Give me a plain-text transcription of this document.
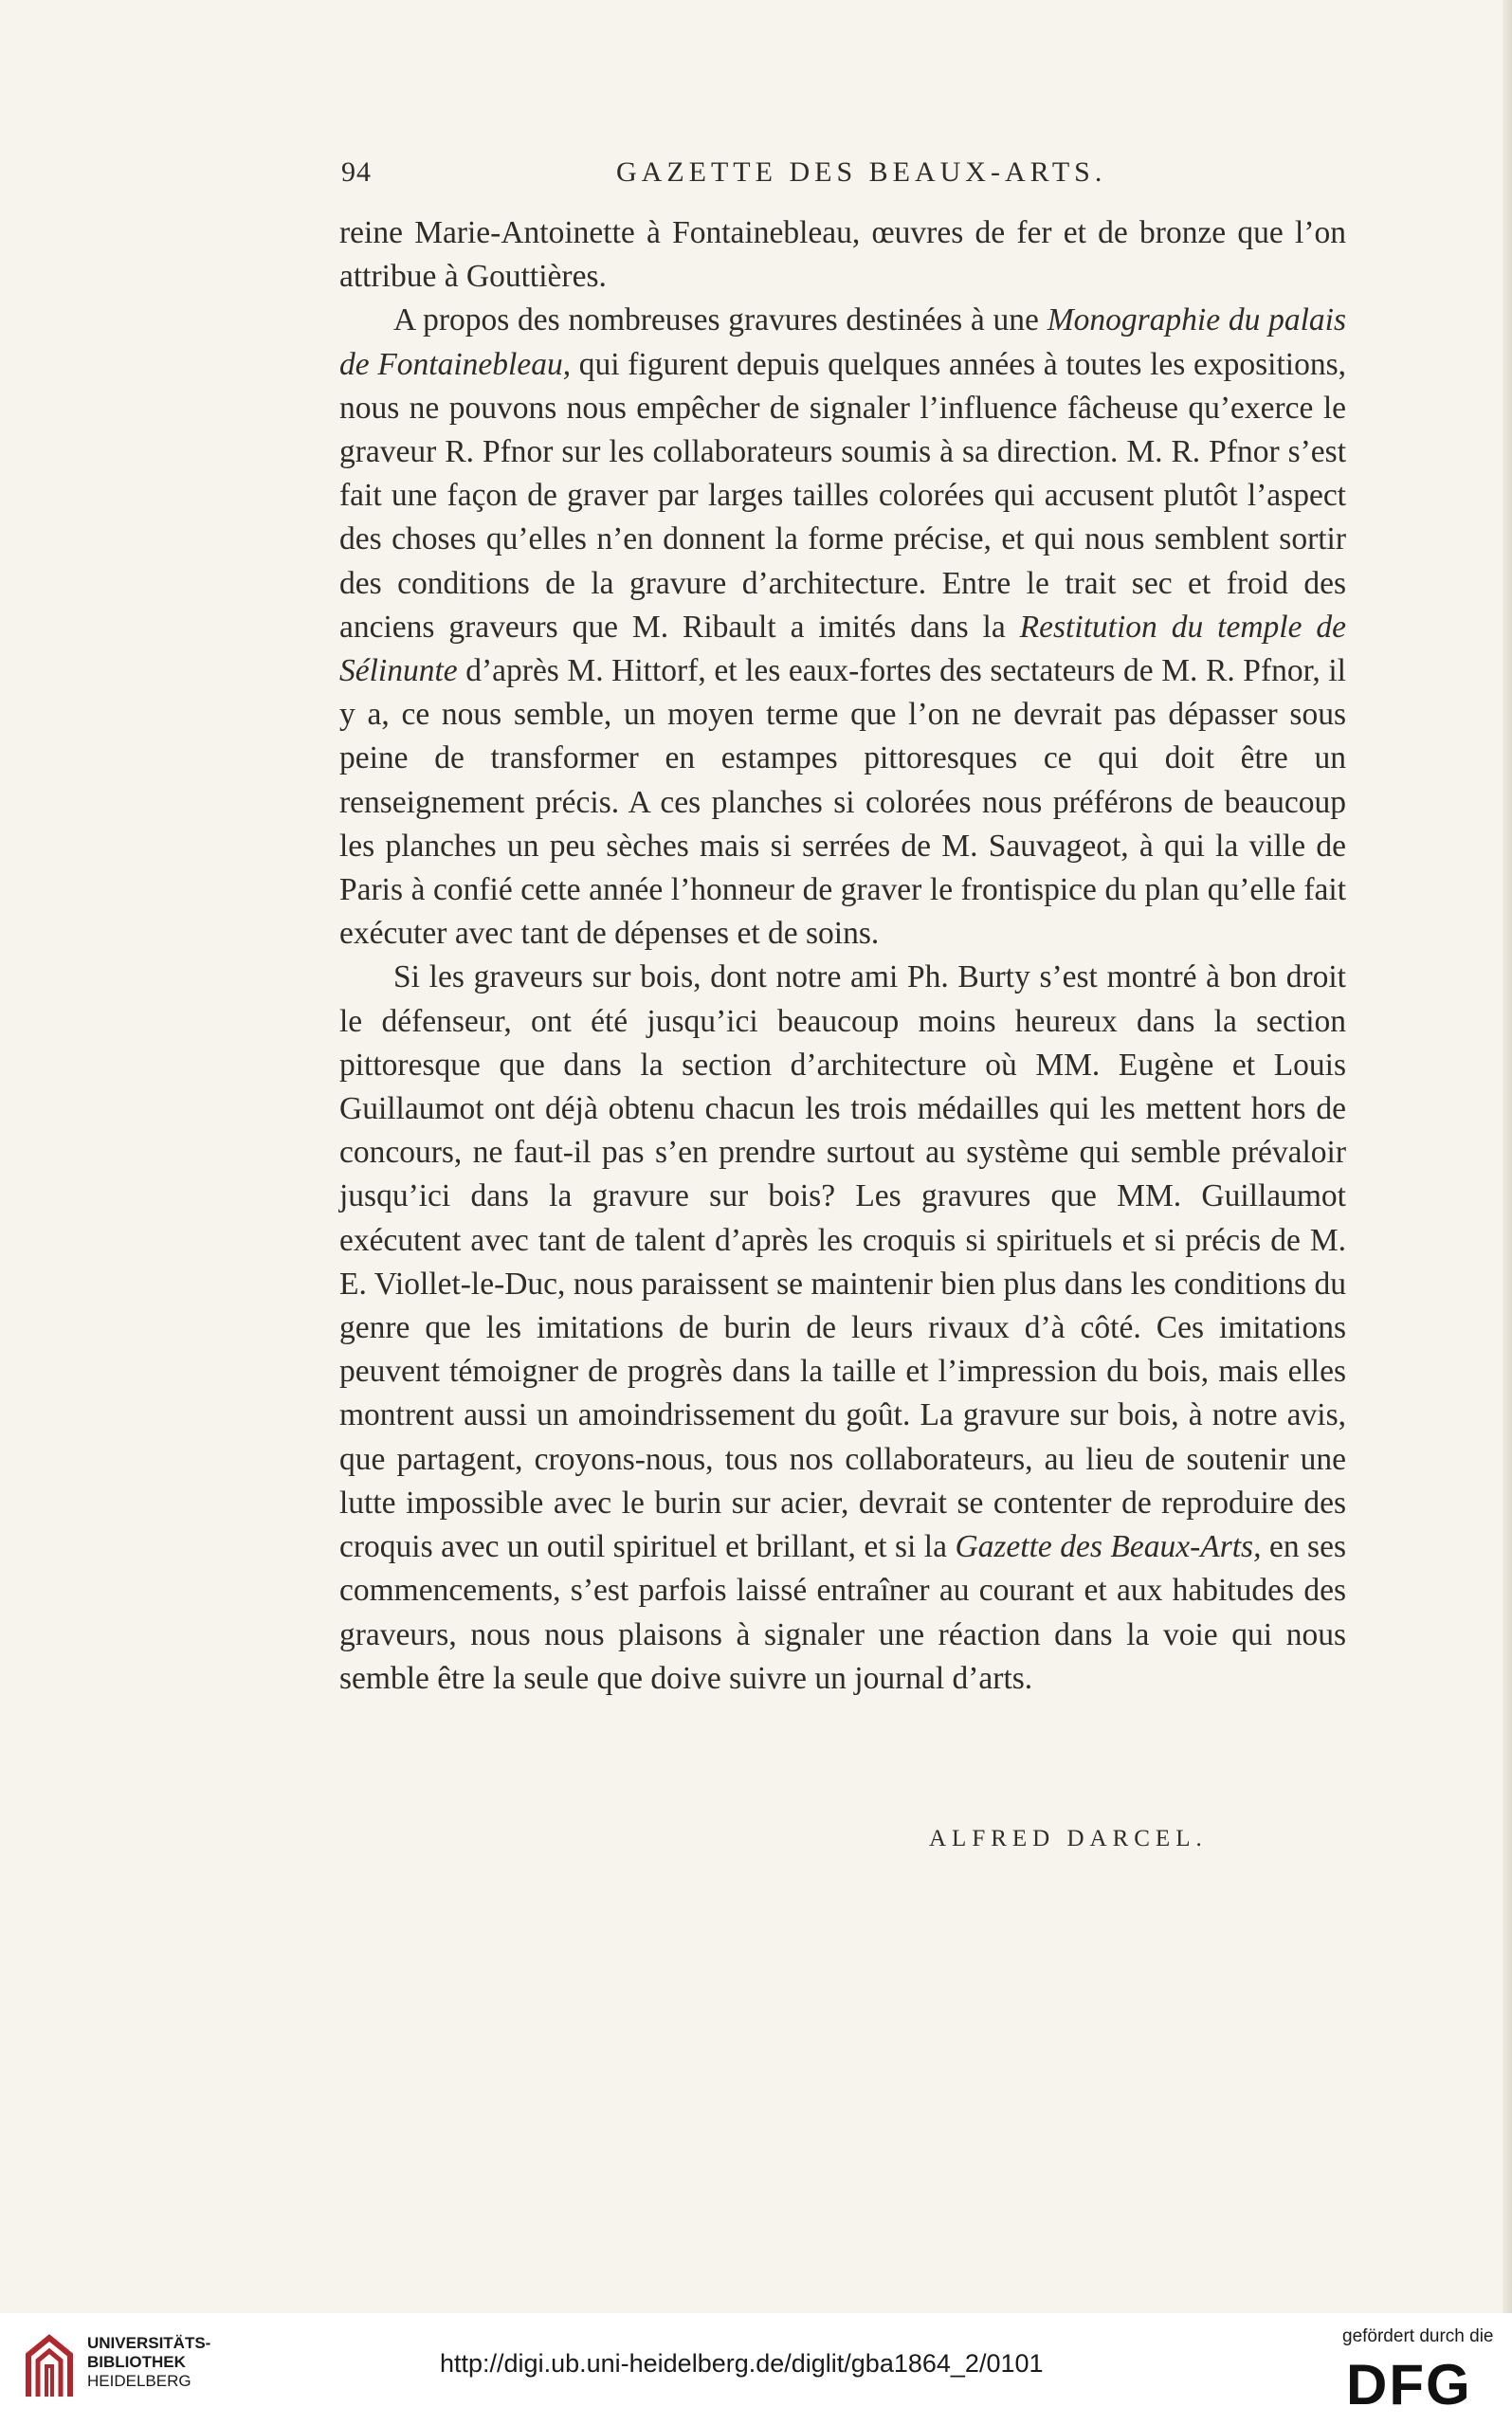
94	GAZETTE DES BEAUX-ARTS.

reine Marie-Antoinette à Fontainebleau, œuvres de fer et de bronze que l’on attribue à Gouttières.

A propos des nombreuses gravures destinées à une Monographie du palais de Fontainebleau, qui figurent depuis quelques années à toutes les expositions, nous ne pouvons nous empêcher de signaler l’influence fâcheuse qu’exerce le graveur R. Pfnor sur les collaborateurs soumis à sa direction. M. R. Pfnor s’est fait une façon de graver par larges tailles colorées qui accusent plutôt l’aspect des choses qu’elles n’en donnent la forme précise, et qui nous semblent sortir des conditions de la gravure d’architecture. Entre le trait sec et froid des anciens graveurs que M. Ribault a imités dans la Restitution du temple de Sélinunte d’après M. Hittorf, et les eaux-fortes des sectateurs de M. R. Pfnor, il y a, ce nous semble, un moyen terme que l’on ne devrait pas dépasser sous peine de transformer en estampes pittoresques ce qui doit être un renseignement précis. A ces planches si colorées nous préférons de beaucoup les planches un peu sèches mais si serrées de M. Sauvageot, à qui la ville de Paris à confié cette année l’honneur de graver le frontispice du plan qu’elle fait exécuter avec tant de dépenses et de soins.

Si les graveurs sur bois, dont notre ami Ph. Burty s’est montré à bon droit le défenseur, ont été jusqu’ici beaucoup moins heureux dans la section pittoresque que dans la section d’architecture où MM. Eugène et Louis Guillaumot ont déjà obtenu chacun les trois médailles qui les mettent hors de concours, ne faut-il pas s’en prendre surtout au système qui semble prévaloir jusqu’ici dans la gravure sur bois? Les gravures que MM. Guillaumot exécutent avec tant de talent d’après les croquis si spirituels et si précis de M. E. Viollet-le-Duc, nous paraissent se maintenir bien plus dans les conditions du genre que les imitations de burin de leurs rivaux d’à côté. Ces imitations peuvent témoigner de progrès dans la taille et l’impression du bois, mais elles montrent aussi un amoindrissement du goût. La gravure sur bois, à notre avis, que partagent, croyons-nous, tous nos collaborateurs, au lieu de soutenir une lutte impossible avec le burin sur acier, devrait se contenter de reproduire des croquis avec un outil spirituel et brillant, et si la Gazette des Beaux-Arts, en ses commencements, s’est parfois laissé entraîner au courant et aux habitudes des graveurs, nous nous plaisons à signaler une réaction dans la voie qui nous semble être la seule que doive suivre un journal d’arts.

ALFRED DARCEL.
UNIVERSITÄTS-
BIBLIOTHEK
HEIDELBERG
http://digi.ub.uni-heidelberg.de/diglit/gba1864_2/0101
gefördert durch die
DFG
